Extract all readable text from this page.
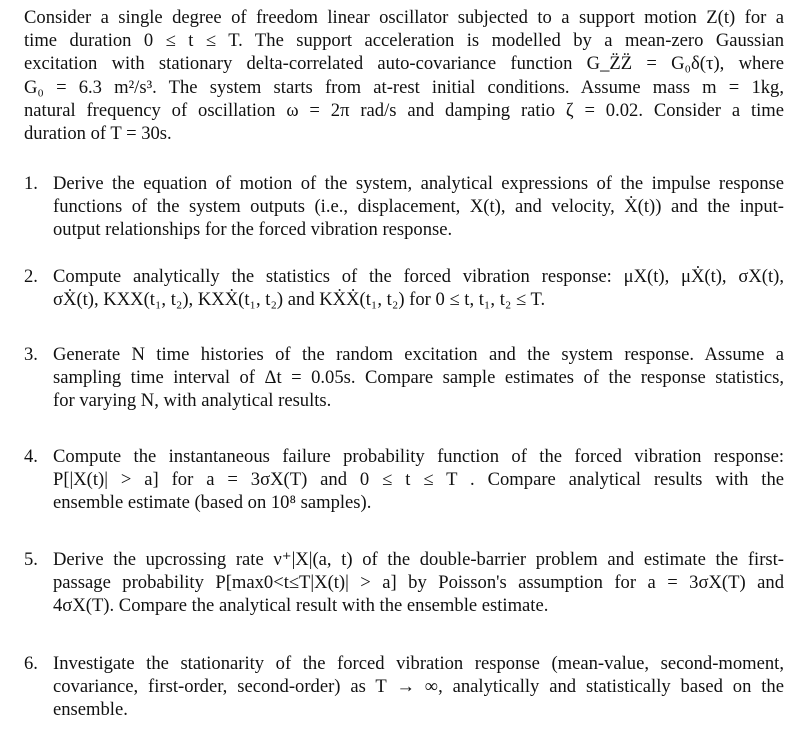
Consider a single degree of freedom linear oscillator subjected to a support motion Z(t) for a
time duration 0 ≤ t ≤ T. The support acceleration is modelled by a mean-zero Gaussian
excitation with stationary delta-correlated auto-covariance function G_Z̈Z̈ = G₀δ(τ), where
G₀ = 6.3 m²/s³. The system starts from at-rest initial conditions. Assume mass m = 1kg,
natural frequency of oscillation ω = 2π rad/s and damping ratio ζ = 0.02. Consider a time
duration of T = 30s.
1. Derive the equation of motion of the system, analytical expressions of the impulse response
functions of the system outputs (i.e., displacement, X(t), and velocity, Ẋ(t)) and the input-
output relationships for the forced vibration response.
2. Compute analytically the statistics of the forced vibration response: μX(t), μẊ(t), σX(t),
σẊ(t), KXX(t₁, t₂), KXẊ(t₁, t₂) and KẊẊ(t₁, t₂) for 0 ≤ t, t₁, t₂ ≤ T.
3. Generate N time histories of the random excitation and the system response. Assume a
sampling time interval of Δt = 0.05s. Compare sample estimates of the response statistics,
for varying N, with analytical results.
4. Compute the instantaneous failure probability function of the forced vibration response:
P[|X(t)| > a] for a = 3σX(T) and 0 ≤ t ≤ T . Compare analytical results with the
ensemble estimate (based on 10⁸ samples).
5. Derive the upcrossing rate ν⁺|X|(a, t) of the double-barrier problem and estimate the first-
passage probability P[max0<t≤T|X(t)| > a] by Poisson's assumption for a = 3σX(T) and
4σX(T). Compare the analytical result with the ensemble estimate.
6. Investigate the stationarity of the forced vibration response (mean-value, second-moment,
covariance, first-order, second-order) as T → ∞, analytically and statistically based on the
ensemble.
